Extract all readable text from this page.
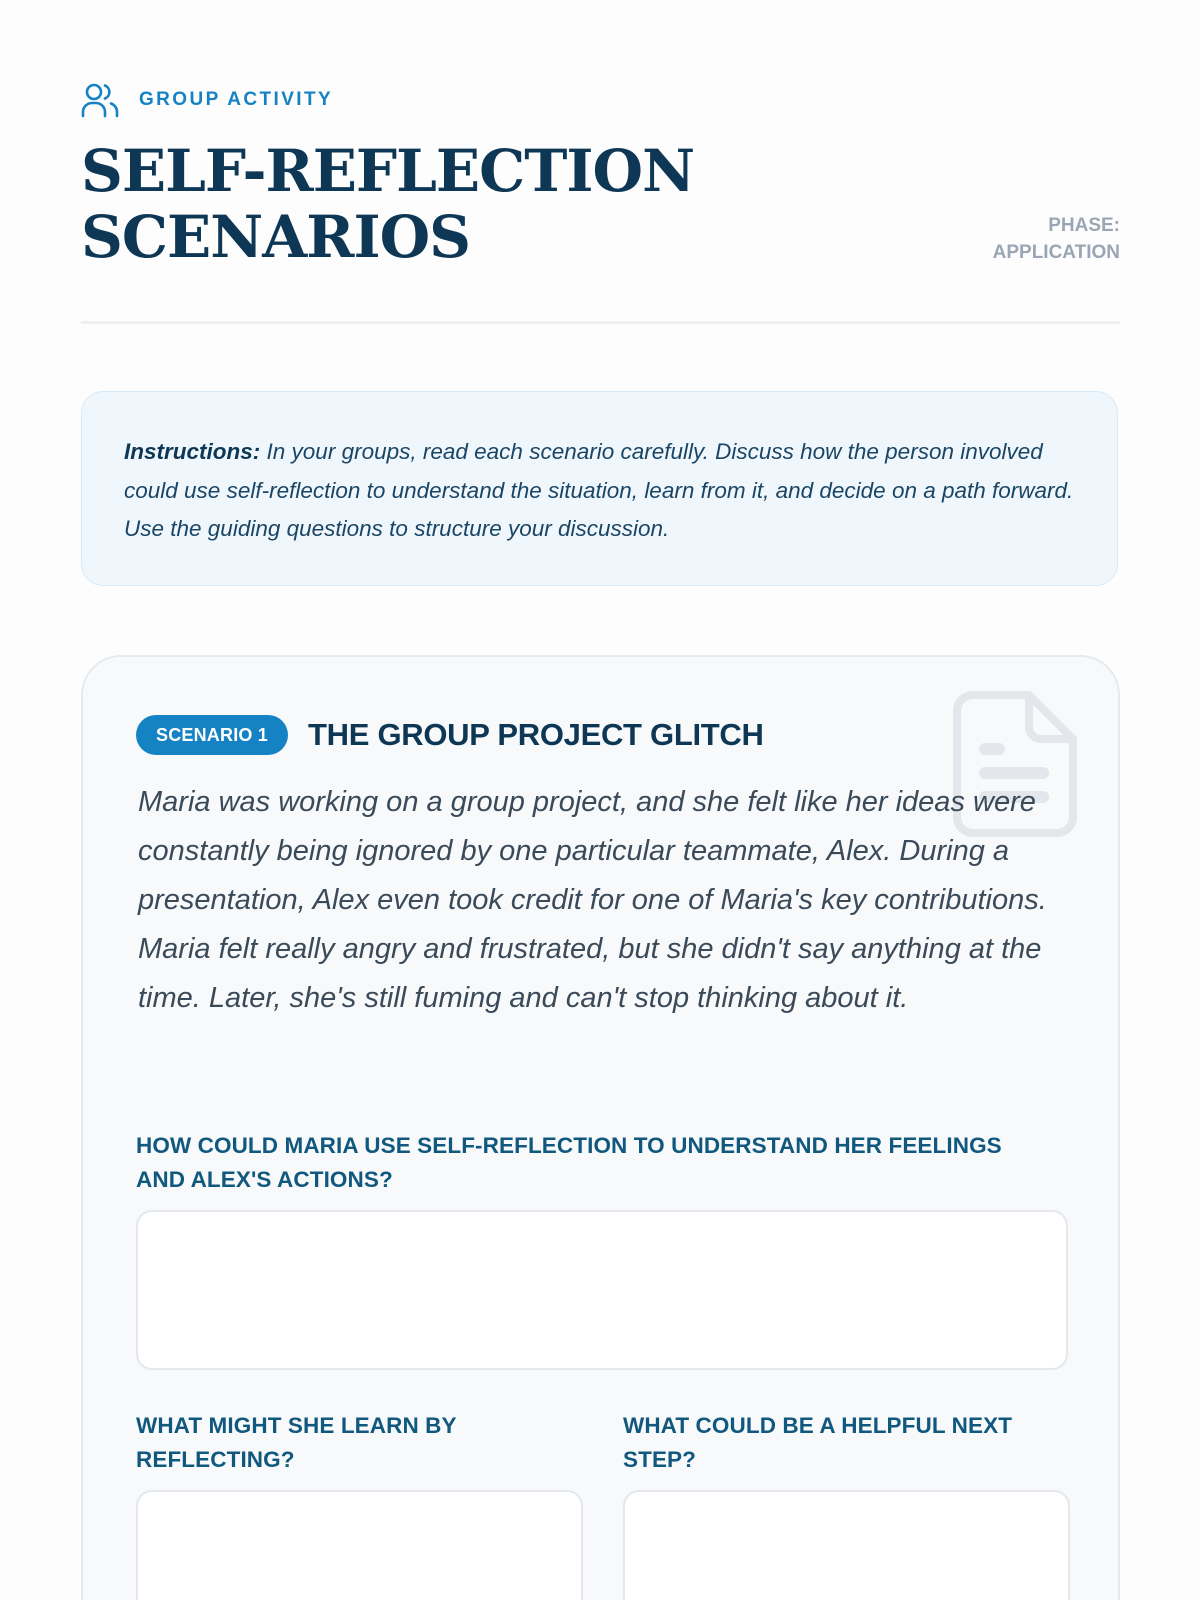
GROUP ACTIVITY
SELF-REFLECTION
SCENARIOS	PHASE:
APPLICATION
Instructions: In your groups, read each scenario carefully. Discuss how the person involved could use self-reflection to understand the situation, learn from it, and decide on a path forward. Use the guiding questions to structure your discussion.
SCENARIO 1	THE GROUP PROJECT GLITCH

Maria was working on a group project, and she felt like her ideas were constantly being ignored by one particular teammate, Alex. During a presentation, Alex even took credit for one of Maria's key contributions. Maria felt really angry and frustrated, but she didn't say anything at the time. Later, she's still fuming and can't stop thinking about it.

HOW COULD MARIA USE SELF-REFLECTION TO UNDERSTAND HER FEELINGS AND ALEX'S ACTIONS?
WHAT MIGHT SHE LEARN BY REFLECTING?
WHAT COULD BE A HELPFUL NEXT STEP?
